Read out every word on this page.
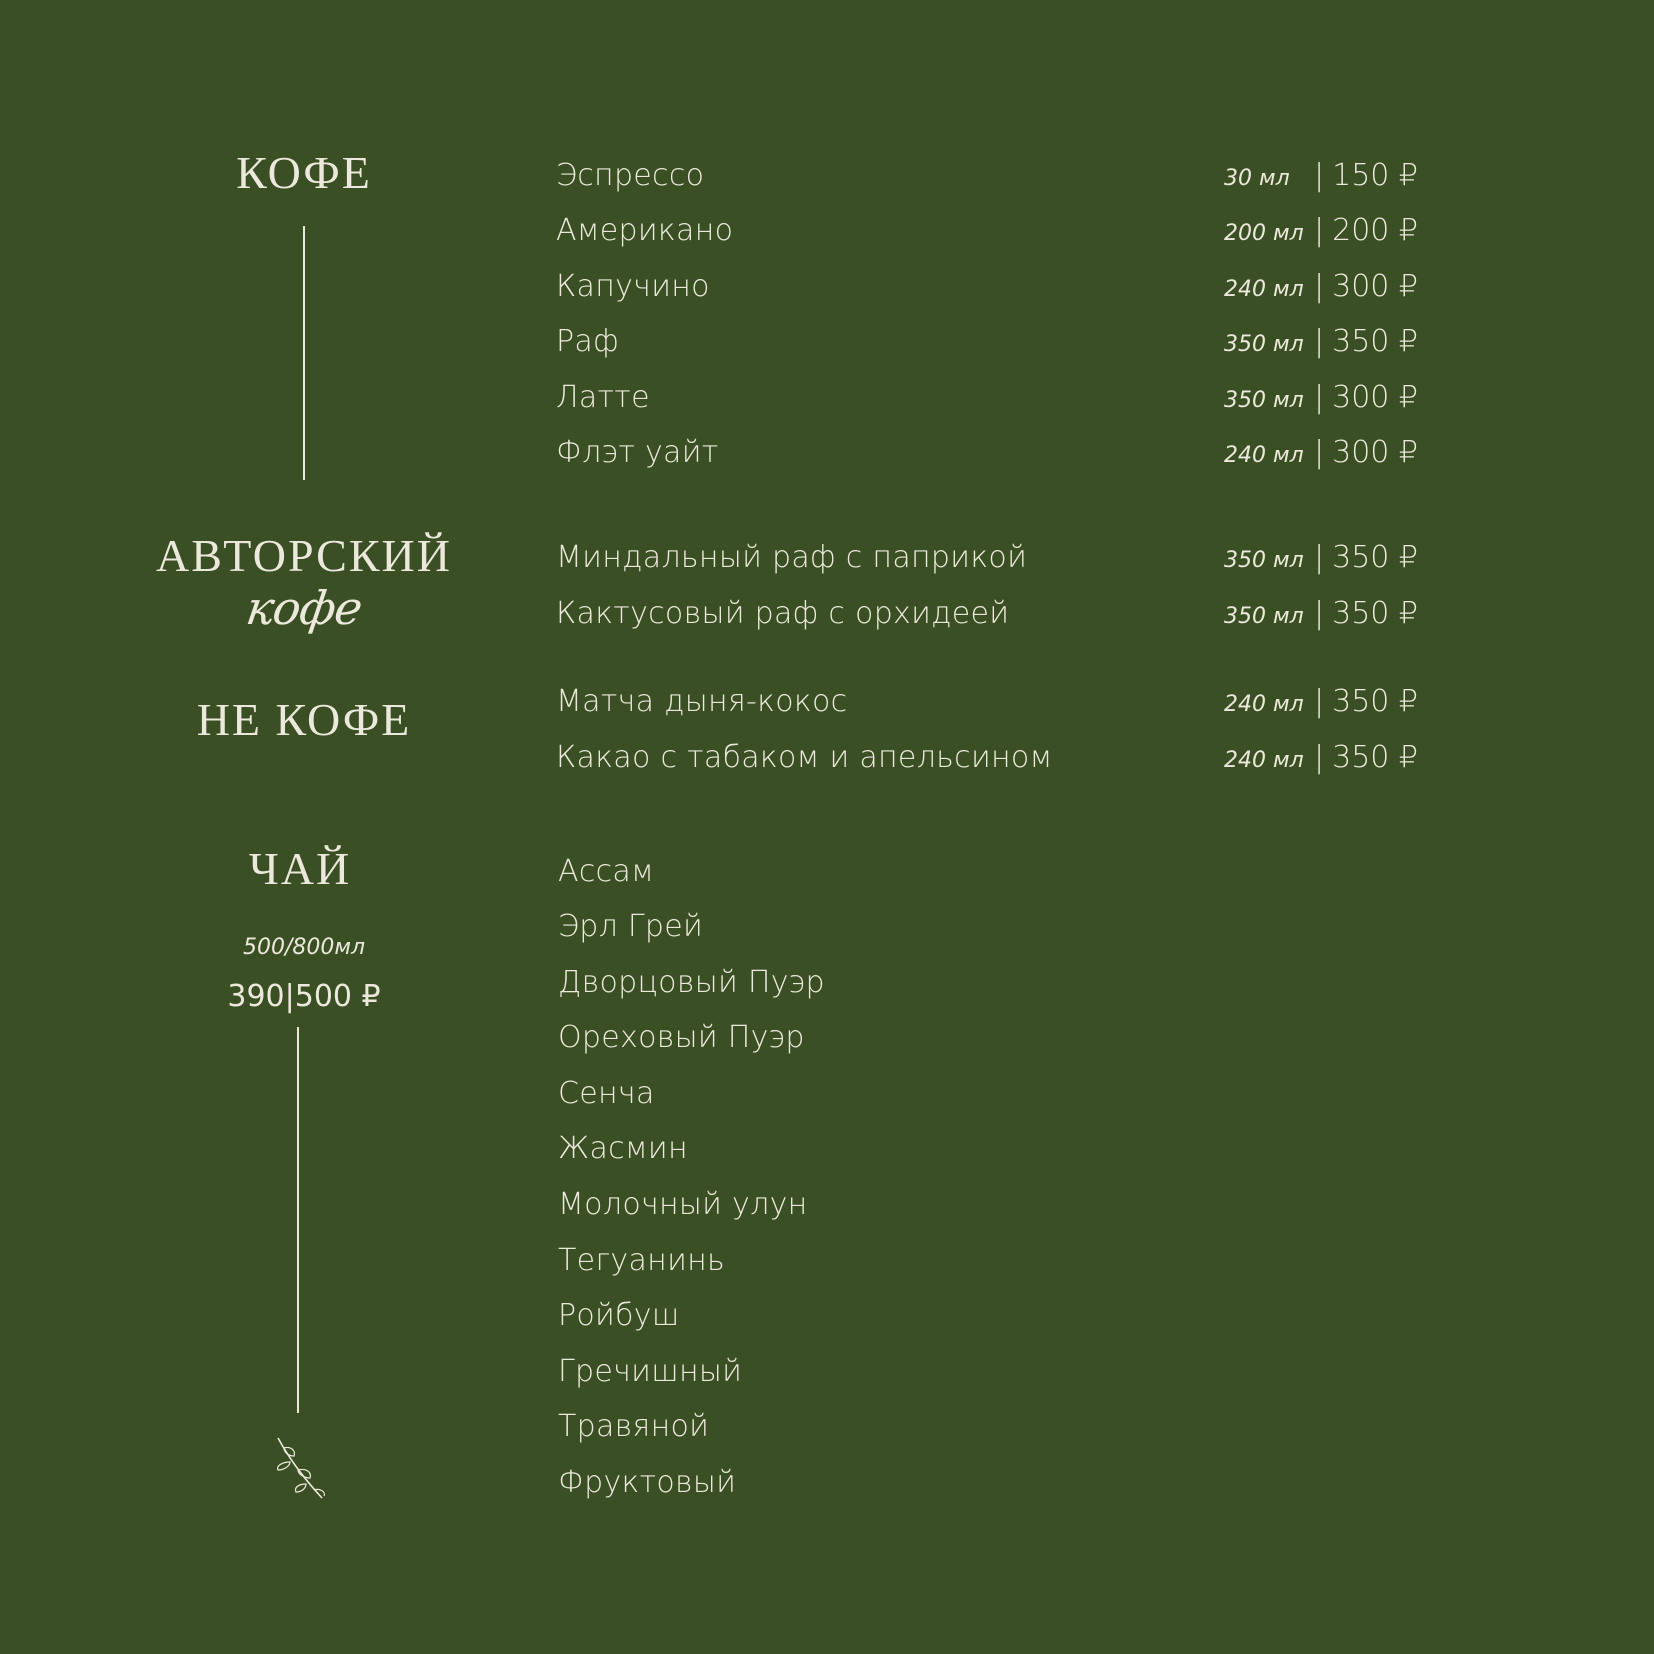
КОФЕ
АВТОРСКИЙ
кофе
НЕ КОФЕ
ЧАЙ
500/800мл
390|500 ₽
Эспрессо	30 мл | 150 ₽
Американо	200 мл | 200 ₽
Капучино	240 мл | 300 ₽
Раф	350 мл | 350 ₽
Латте	350 мл | 300 ₽
Флэт уайт	240 мл | 300 ₽
Миндальный раф с паприкой	350 мл | 350 ₽
Кактусовый раф с орхидеей	350 мл | 350 ₽
Матча дыня-кокос	240 мл | 350 ₽
Какао с табаком и апельсином	240 мл | 350 ₽
Ассам
Эрл Грей
Дворцовый Пуэр
Ореховый Пуэр
Сенча
Жасмин
Молочный улун
Тегуанинь
Ройбуш
Гречишный
Травяной
Фруктовый
